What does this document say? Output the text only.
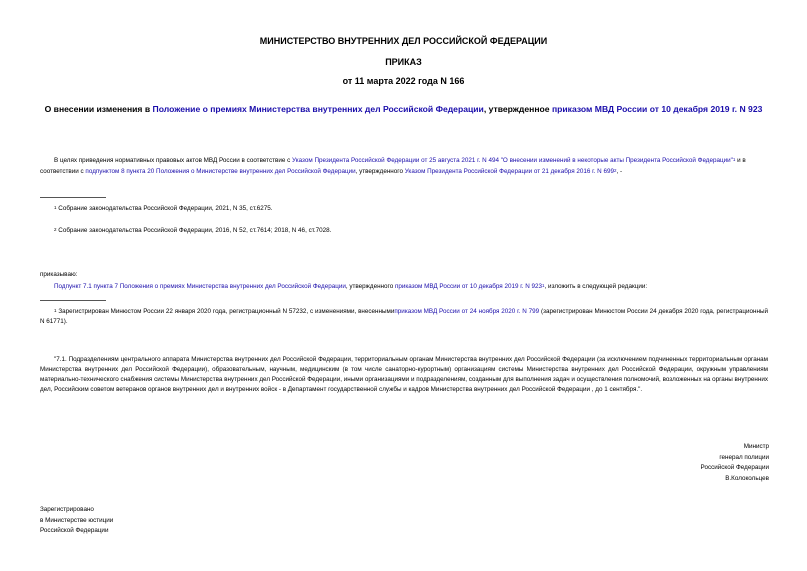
МИНИСТЕРСТВО ВНУТРЕННИХ ДЕЛ РОССИЙСКОЙ ФЕДЕРАЦИИ
ПРИКАЗ
от 11 марта 2022 года N 166
О внесении изменения в Положение о премиях Министерства внутренних дел Российской Федерации, утвержденное приказом МВД России от 10 декабря 2019 г. N 923
В целях приведения нормативных правовых актов МВД России в соответствие с Указом Президента Российской Федерации от 25 августа 2021 г. N 494 "О внесении изменений в некоторые акты Президента Российской Федерации"$^1$ и в соответствии с подпунктом 8 пункта 20 Положения о Министерстве внутренних дел Российской Федерации, утвержденного Указом Президента Российской Федерации от 21 декабря 2016 г. N $699^2$, -
$^1$ Собрание законодательства Российской Федерации, 2021, N 35, ст.6275.
$^2$ Собрание законодательства Российской Федерации, 2016, N 52, ст.7614; 2018, N 46, ст.7028.
приказываю:
Подпункт 7.1 пункта 7 Положения о премиях Министерства внутренних дел Российской Федерации, утвержденного приказом МВД России от 10 декабря 2019 г. N $923^1$, изложить в следующей редакции:
$^1$ Зарегистрирован Минюстом России 22 января 2020 года, регистрационный N 57232, с изменениями, внесеннымиприказом МВД России от 24 ноября 2020 г. N 799 (зарегистрирован Минюстом России 24 декабря 2020 года, регистрационный N 61771).
"7.1. Подразделениям центрального аппарата Министерства внутренних дел Российской Федерации, территориальным органам Министерства внутренних дел Российской Федерации (за исключением подчиненных территориальным органам Министерства внутренних дел Российской Федерации), образовательным, научным, медицинским (в том числе санаторно-курортным) организациям системы Министерства внутренних дел Российской Федерации, окружным управлениям материально-технического снабжения системы Министерства внутренних дел Российской Федерации, иными организациями и подразделениям, созданным для выполнения задач и осуществления полномочий, возложенных на органы внутренних дел, Российским советом ветеранов органов внутренних дел и внутренних войск - в Департамент государственной службы и кадров Министерства внутренних дел Российской Федерации , до 1 сентября.".
Министр
генерал полиции
Российской Федерации
В.Колокольцев
Зарегистрировано
в Министерстве юстиции
Российской Федерации
